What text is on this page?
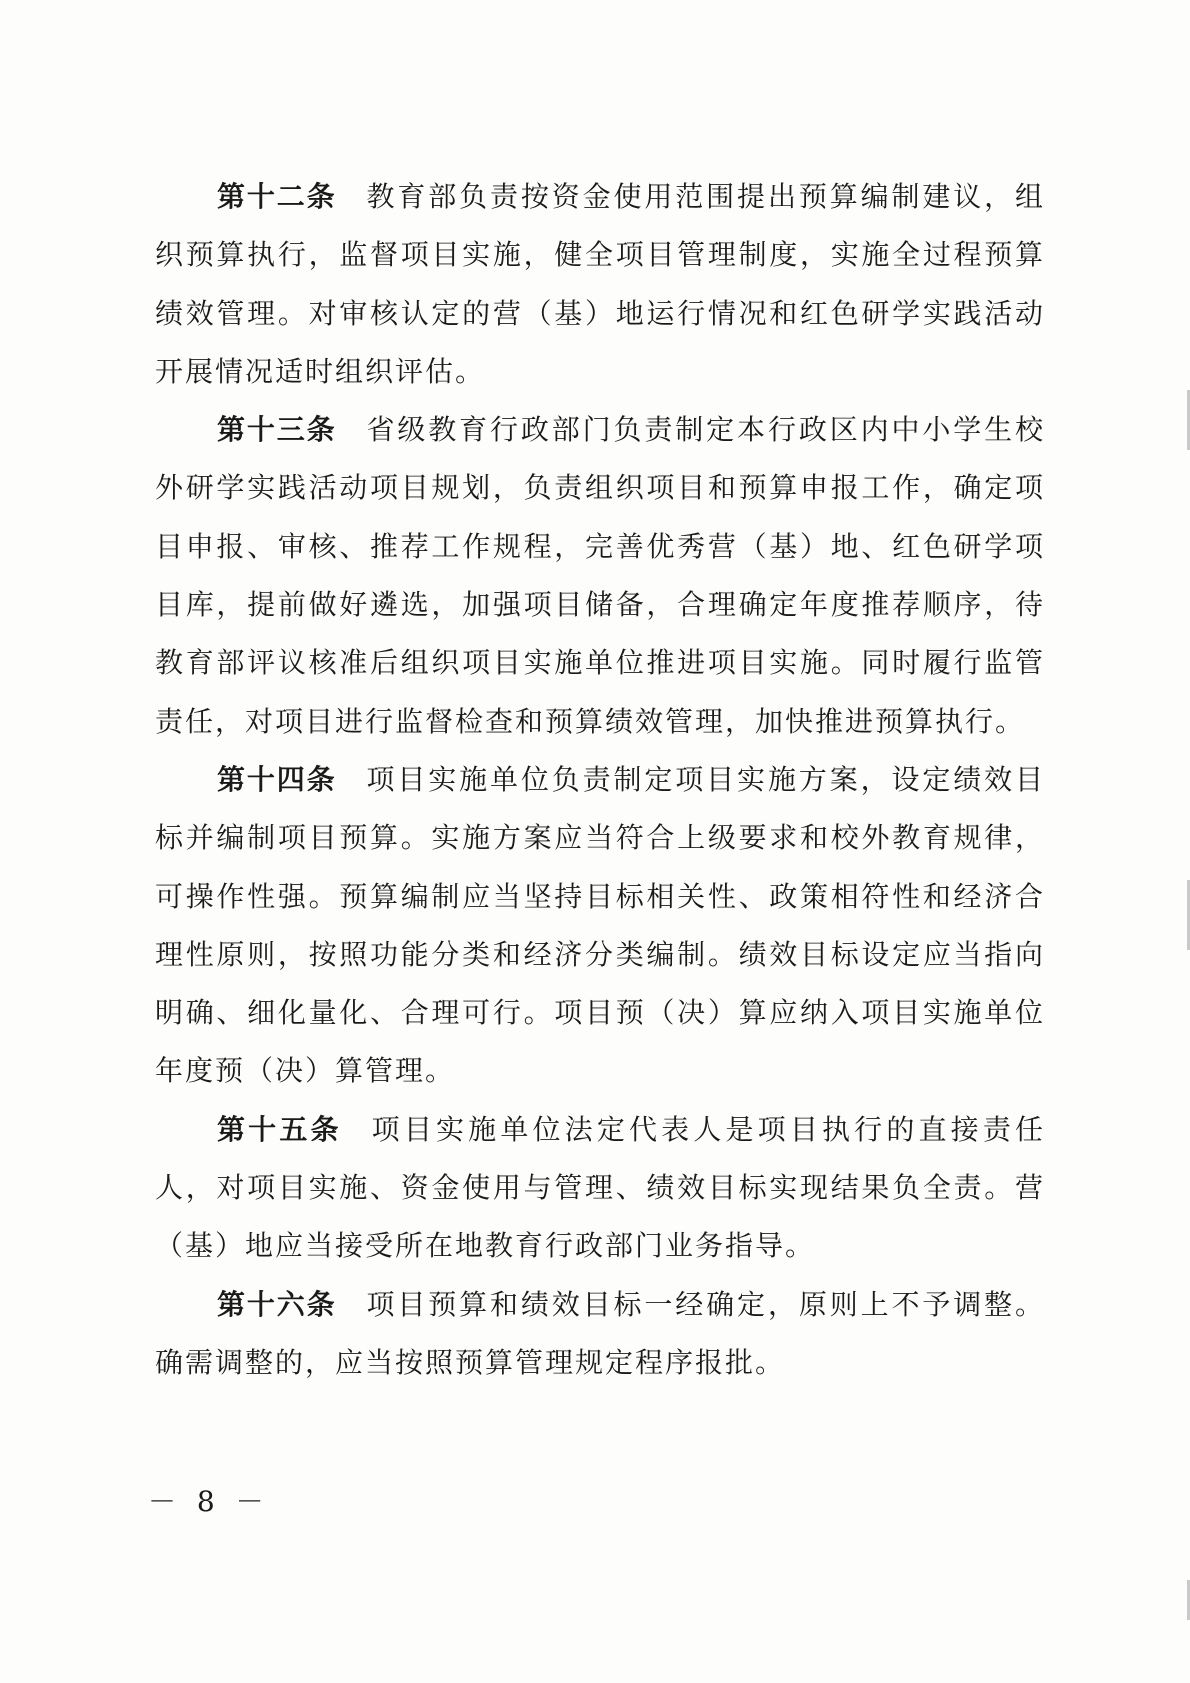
第十二条 教育部负责按资金使用范围提出预算编制建议，组织预算执行，监督项目实施，健全项目管理制度，实施全过程预算绩效管理。对审核认定的营（基）地运行情况和红色研学实践活动开展情况适时组织评估。

第十三条 省级教育行政部门负责制定本行政区内中小学生校外研学实践活动项目规划，负责组织项目和预算申报工作，确定项目申报、审核、推荐工作规程，完善优秀营（基）地、红色研学项目库，提前做好遴选，加强项目储备，合理确定年度推荐顺序，待教育部评议核准后组织项目实施单位推进项目实施。同时履行监管责任，对项目进行监督检查和预算绩效管理，加快推进预算执行。

第十四条 项目实施单位负责制定项目实施方案，设定绩效目标并编制项目预算。实施方案应当符合上级要求和校外教育规律，可操作性强。预算编制应当坚持目标相关性、政策相符性和经济合理性原则，按照功能分类和经济分类编制。绩效目标设定应当指向明确、细化量化、合理可行。项目预（决）算应纳入项目实施单位年度预（决）算管理。

第十五条 项目实施单位法定代表人是项目执行的直接责任人，对项目实施、资金使用与管理、绩效目标实现结果负全责。营（基）地应当接受所在地教育行政部门业务指导。

第十六条 项目预算和绩效目标一经确定，原则上不予调整。确需调整的，应当按照预算管理规定程序报批。

－ 8 －
